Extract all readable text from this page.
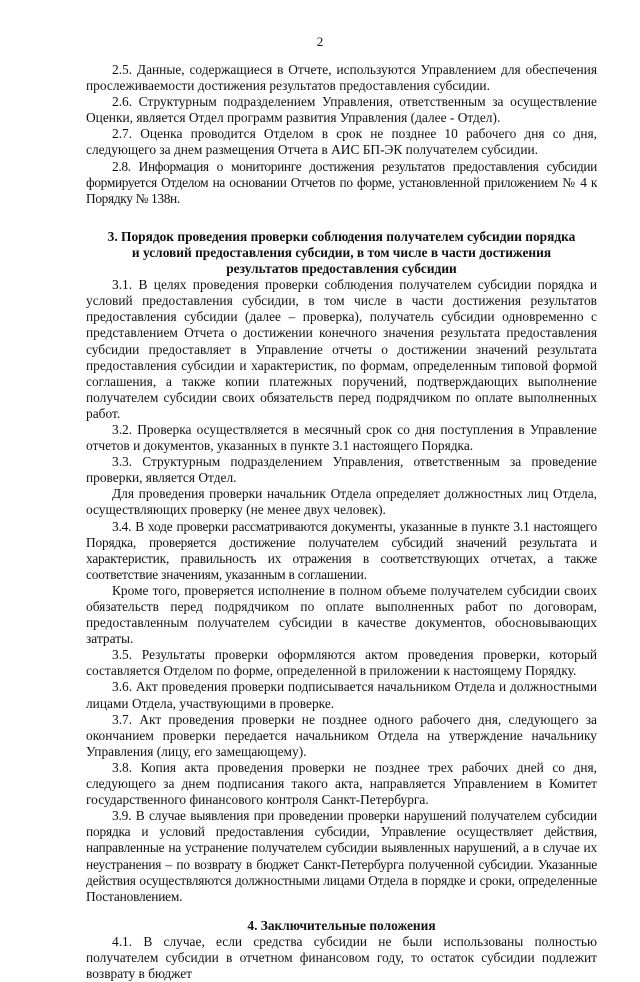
2

2.5. Данные, содержащиеся в Отчете, используются Управлением для обеспечения прослеживаемости достижения результатов предоставления субсидии.

2.6. Структурным подразделением Управления, ответственным за осуществление Оценки, является Отдел программ развития Управления (далее - Отдел).

2.7. Оценка проводится Отделом в срок не позднее 10 рабочего дня со дня, следующего за днем размещения Отчета в АИС БП-ЭК получателем субсидии.

2.8. Информация о мониторинге достижения результатов предоставления субсидии формируется Отделом на основании Отчетов по форме, установленной приложением № 4 к Порядку № 138н.

3. Порядок проведения проверки соблюдения получателем субсидии порядка
и условий предоставления субсидии, в том числе в части достижения
результатов предоставления субсидии

3.1. В целях проведения проверки соблюдения получателем субсидии порядка и условий предоставления субсидии, в том числе в части достижения результатов предоставления субсидии (далее – проверка), получатель субсидии одновременно с представлением Отчета о достижении конечного значения результата предоставления субсидии предоставляет в Управление отчеты о достижении значений результата предоставления субсидии и характеристик, по формам, определенным типовой формой соглашения, а также копии платежных поручений, подтверждающих выполнение получателем субсидии своих обязательств перед подрядчиком по оплате выполненных работ.

3.2. Проверка осуществляется в месячный срок со дня поступления в Управление отчетов и документов, указанных в пункте 3.1 настоящего Порядка.

3.3. Структурным подразделением Управления, ответственным за проведение проверки, является Отдел.

Для проведения проверки начальник Отдела определяет должностных лиц Отдела, осуществляющих проверку (не менее двух человек).

3.4. В ходе проверки рассматриваются документы, указанные в пункте 3.1 настоящего Порядка, проверяется достижение получателем субсидий значений результата и характеристик, правильность их отражения в соответствующих отчетах, а также соответствие значениям, указанным в соглашении.

Кроме того, проверяется исполнение в полном объеме получателем субсидии своих обязательств перед подрядчиком по оплате выполненных работ по договорам, предоставленным получателем субсидии в качестве документов, обосновывающих затраты.

3.5. Результаты проверки оформляются актом проведения проверки, который составляется Отделом по форме, определенной в приложении к настоящему Порядку.

3.6. Акт проведения проверки подписывается начальником Отдела и должностными лицами Отдела, участвующими в проверке.

3.7. Акт проведения проверки не позднее одного рабочего дня, следующего за окончанием проверки передается начальником Отдела на утверждение начальнику Управления (лицу, его замещающему).

3.8. Копия акта проведения проверки не позднее трех рабочих дней со дня, следующего за днем подписания такого акта, направляется Управлением в Комитет государственного финансового контроля Санкт-Петербурга.

3.9. В случае выявления при проведении проверки нарушений получателем субсидии порядка и условий предоставления субсидии, Управление осуществляет действия, направленные на устранение получателем субсидии выявленных нарушений, а в случае их неустранения – по возврату в бюджет Санкт-Петербурга полученной субсидии. Указанные действия осуществляются должностными лицами Отдела в порядке и сроки, определенные Постановлением.

4. Заключительные положения

4.1. В случае, если средства субсидии не были использованы полностью получателем субсидии в отчетном финансовом году, то остаток субсидии подлежит возврату в бюджет
